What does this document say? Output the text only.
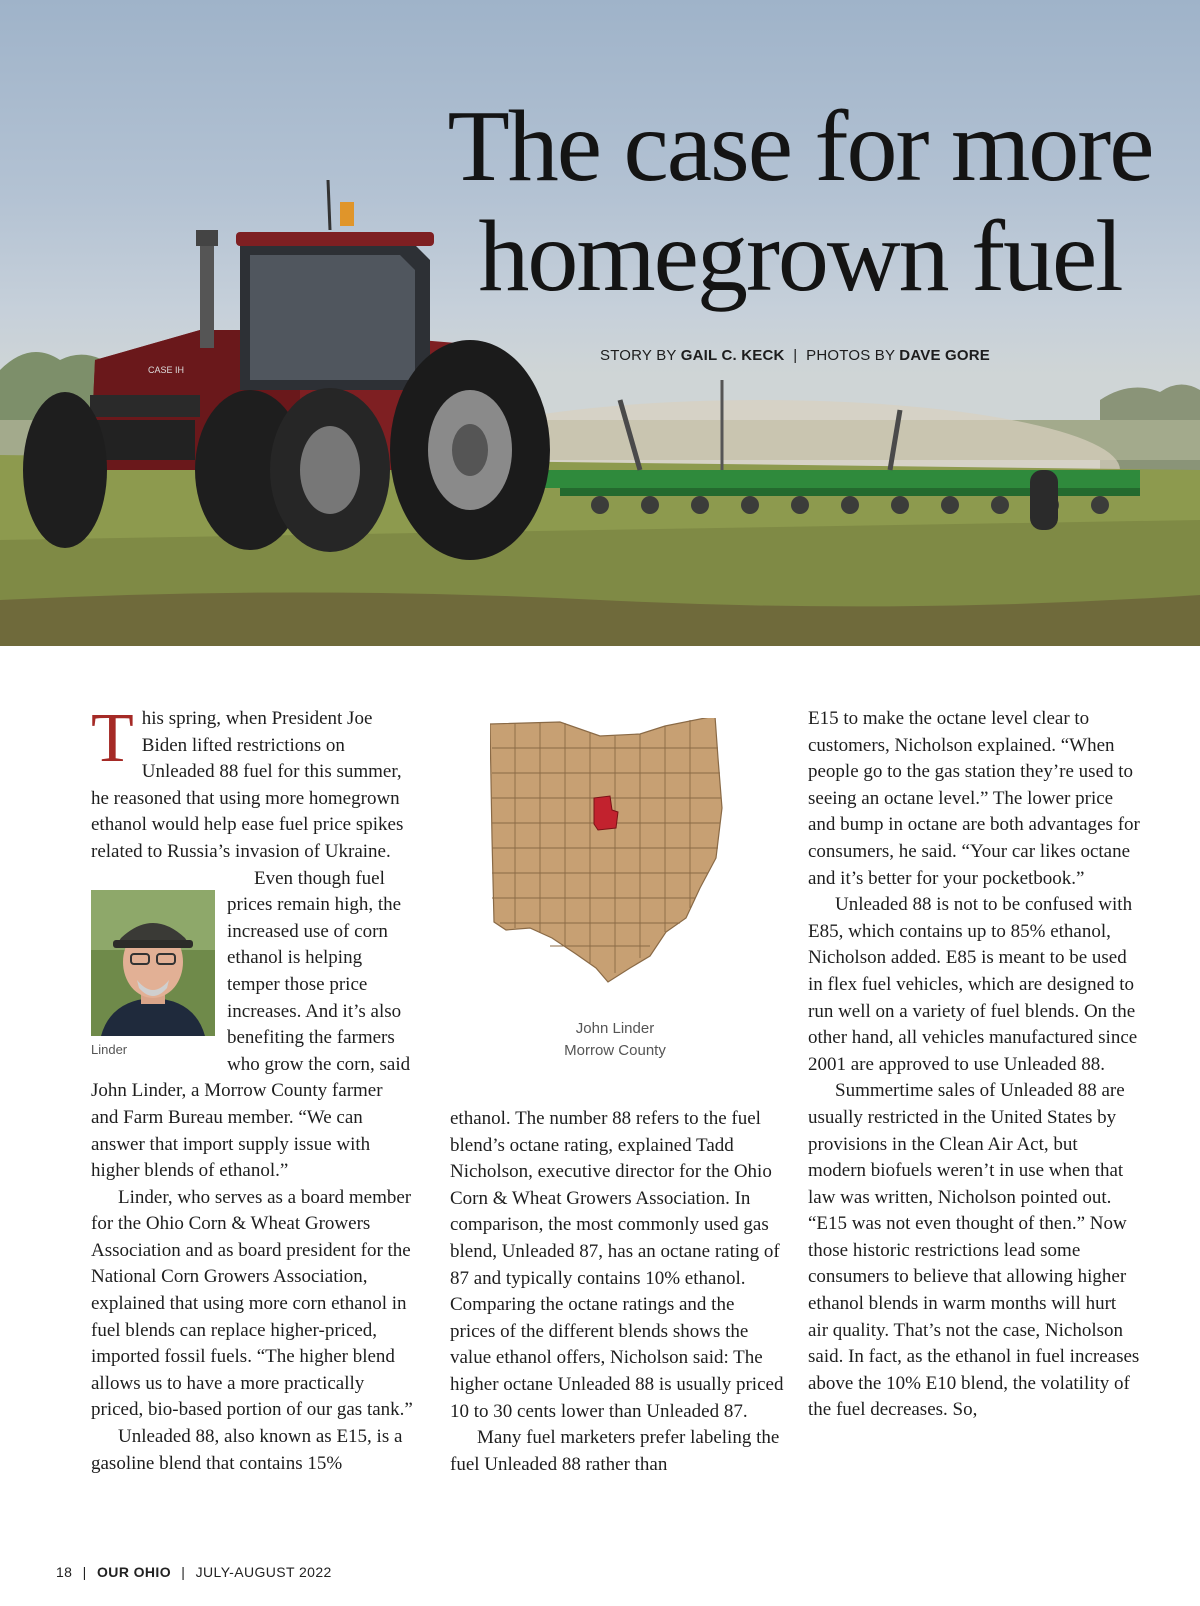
CASE IH
The case for more
homegrown fuel
STORY BY GAIL C. KECK  |  PHOTOS BY DAVE GORE

This spring, when President Joe Biden lifted restrictions on Unleaded 88 fuel for this summer, he reasoned that using more homegrown ethanol would help ease fuel price spikes related to Russia’s invasion of Ukraine.

Linder
Even though fuel prices remain high, the increased use of corn ethanol is helping temper those price increases. And it’s also benefiting the farmers who grow the corn, said John Linder, a Morrow County farmer and Farm Bureau member. “We can answer that import supply issue with higher blends of ethanol.”

Linder, who serves as a board member for the Ohio Corn & Wheat Growers Association and as board president for the National Corn Growers Association, explained that using more corn ethanol in fuel blends can replace higher-priced, imported fossil fuels. “The higher blend allows us to have a more practically priced, bio-based portion of our gas tank.”

Unleaded 88, also known as E15, is a gasoline blend that contains 15%

John Linder
Morrow County

ethanol. The number 88 refers to the fuel blend’s octane rating, explained Tadd Nicholson, executive director for the Ohio Corn & Wheat Growers Association. In comparison, the most commonly used gas blend, Unleaded 87, has an octane rating of 87 and typically contains 10% ethanol. Comparing the octane ratings and the prices of the different blends shows the value ethanol offers, Nicholson said: The higher octane Unleaded 88 is usually priced 10 to 30 cents lower than Unleaded 87.

Many fuel marketers prefer labeling the fuel Unleaded 88 rather than

E15 to make the octane level clear to customers, Nicholson explained. “When people go to the gas station they’re used to seeing an octane level.” The lower price and bump in octane are both advantages for consumers, he said. “Your car likes octane and it’s better for your pocketbook.”

Unleaded 88 is not to be confused with E85, which contains up to 85% ethanol, Nicholson added. E85 is meant to be used in flex fuel vehicles, which are designed to run well on a variety of fuel blends. On the other hand, all vehicles manufactured since 2001 are approved to use Unleaded 88.

Summertime sales of Unleaded 88 are usually restricted in the United States by provisions in the Clean Air Act, but modern biofuels weren’t in use when that law was written, Nicholson pointed out. “E15 was not even thought of then.” Now those historic restrictions lead some consumers to believe that allowing higher ethanol blends in warm months will hurt air quality. That’s not the case, Nicholson said. In fact, as the ethanol in fuel increases above the 10% E10 blend, the volatility of the fuel decreases. So,

18 | OUR OHIO | JULY-AUGUST 2022
